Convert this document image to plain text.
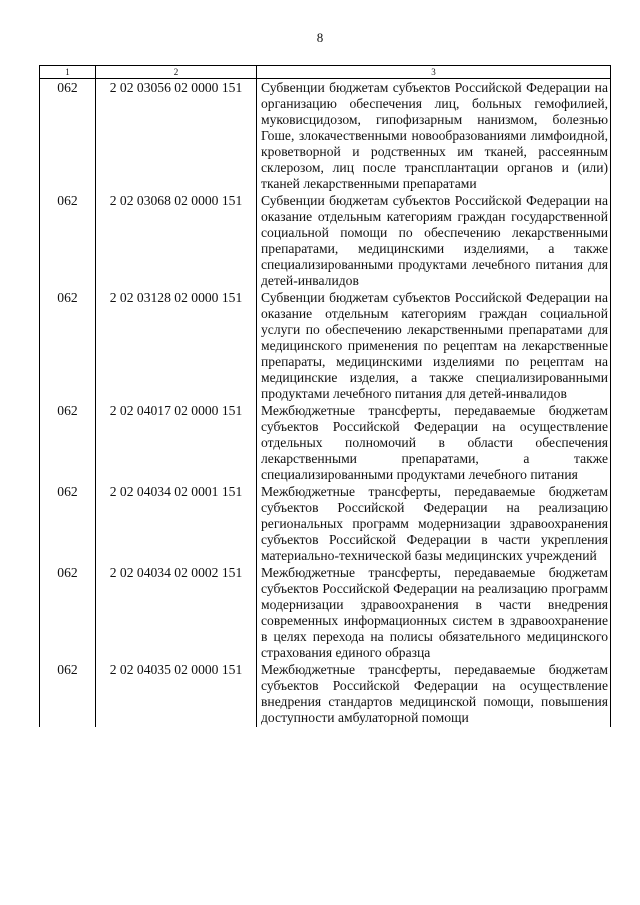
8
1	2	3
062	2 02 03056 02 0000 151	Субвенции бюджетам субъектов Российской Федерации на организацию обеспечения лиц, больных гемофилией, муковисцидозом, гипофизарным нанизмом, болезнью Гоше, злокачественными новообразованиями лимфоидной, кроветворной и родственных им тканей, рассеянным склерозом, лиц после трансплантации органов и (или) тканей лекарственными препаратами
062	2 02 03068 02 0000 151	Субвенции бюджетам субъектов Российской Федерации на оказание отдельным категориям граждан государственной социальной помощи по обеспечению лекарственными препаратами, медицинскими изделиями, а также специализированными продуктами лечебного питания для детей-инвалидов
062	2 02 03128 02 0000 151	Субвенции бюджетам субъектов Российской Федерации на оказание отдельным категориям граждан социальной услуги по обеспечению лекарственными препаратами для медицинского применения по рецептам на лекарственные препараты, медицинскими изделиями по рецептам на медицинские изделия, а также специализированными продуктами лечебного питания для детей-инвалидов
062	2 02 04017 02 0000 151	Межбюджетные трансферты, передаваемые бюджетам субъектов Российской Федерации на осуществление отдельных полномочий в области обеспечения лекарственными препаратами, а также специализированными продуктами лечебного питания
062	2 02 04034 02 0001 151	Межбюджетные трансферты, передаваемые бюджетам субъектов Российской Федерации на реализацию региональных программ модернизации здравоохранения субъектов Российской Федерации в части укрепления материально-технической базы медицинских учреждений
062	2 02 04034 02 0002 151	Межбюджетные трансферты, передаваемые бюджетам субъектов Российской Федерации на реализацию программ модернизации здравоохранения в части внедрения современных информационных систем в здравоохранение в целях перехода на полисы обязательного медицинского страхования единого образца
062	2 02 04035 02 0000 151	Межбюджетные трансферты, передаваемые бюджетам субъектов Российской Федерации на осуществление внедрения стандартов медицинской помощи, повышения доступности амбулаторной помощи
